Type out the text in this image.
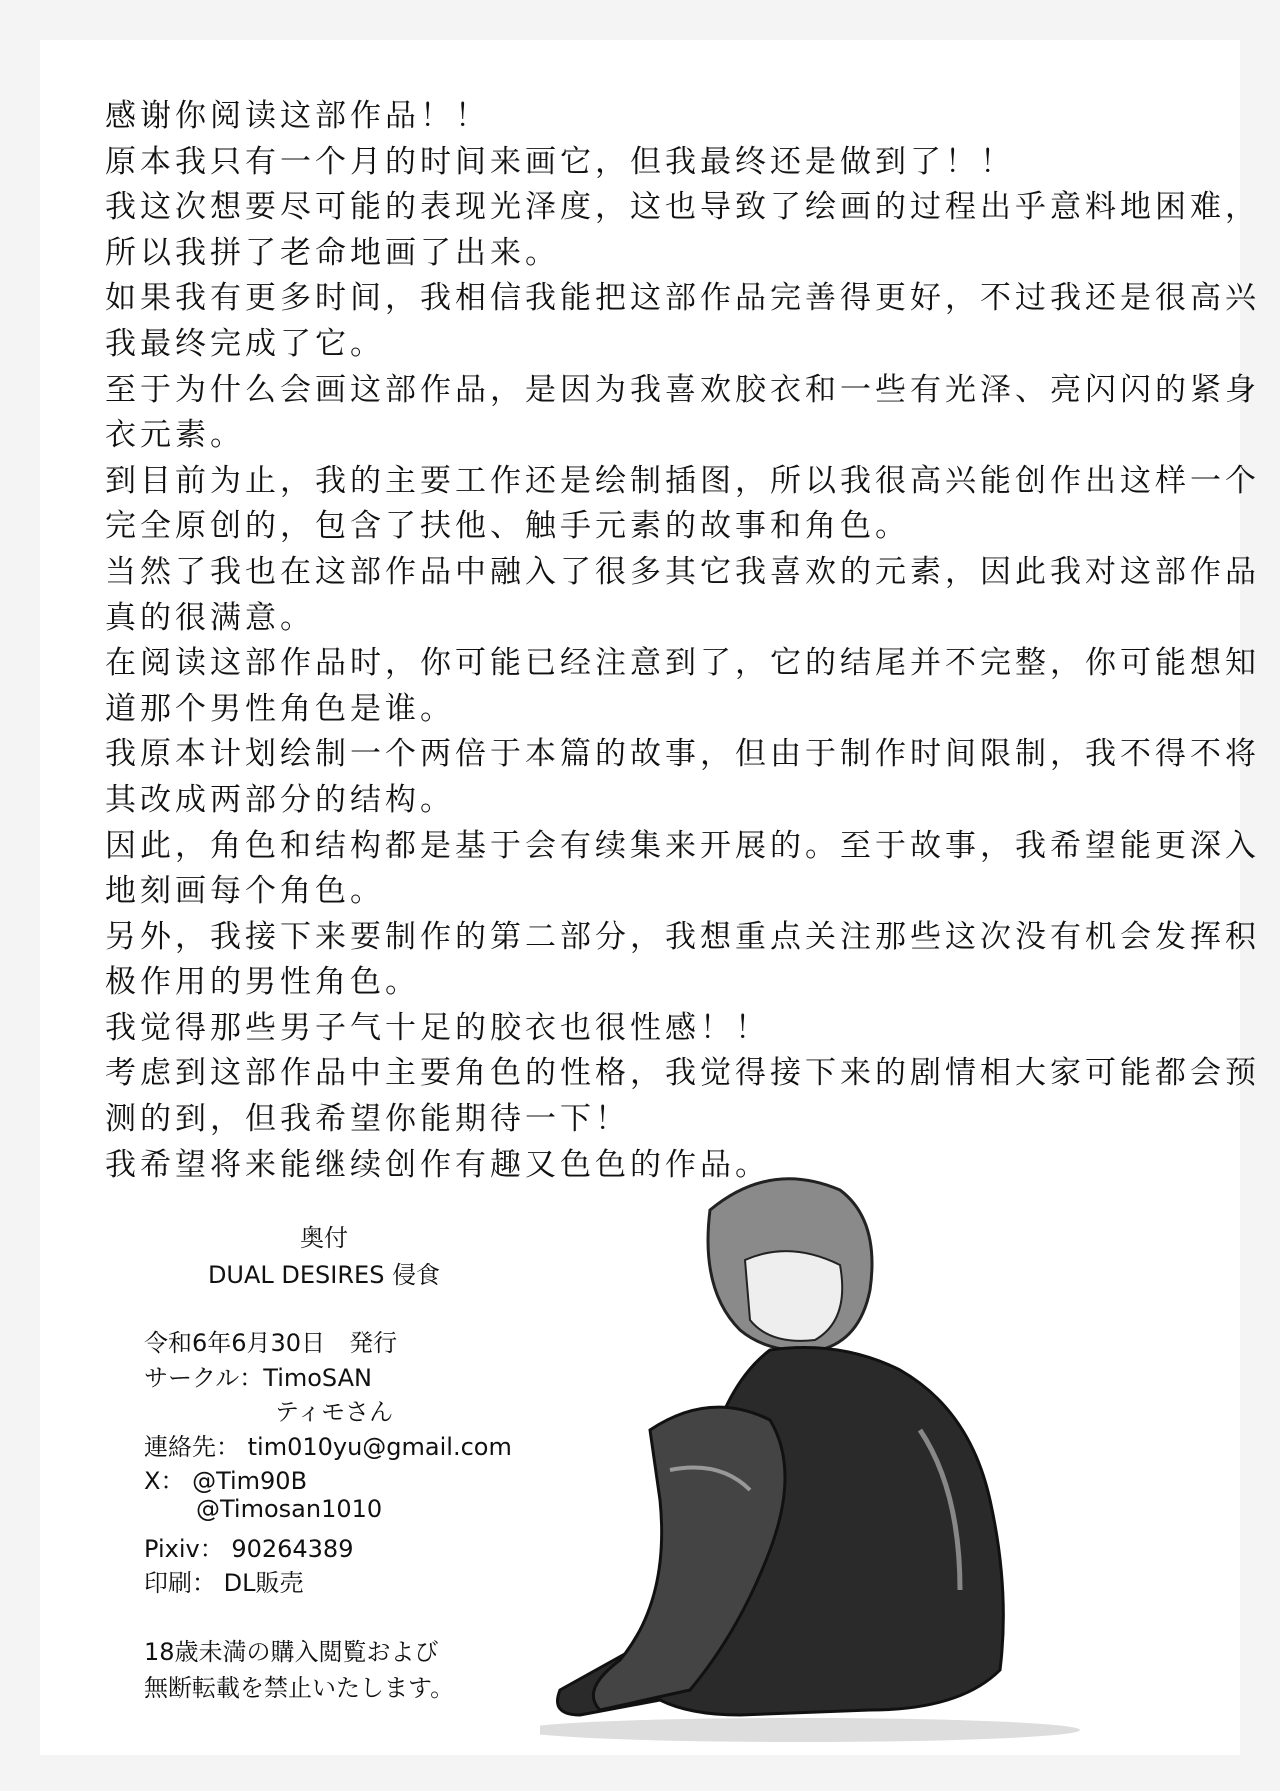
感谢你阅读这部作品！！
原本我只有一个月的时间来画它，但我最终还是做到了！！
我这次想要尽可能的表现光泽度，这也导致了绘画的过程出乎意料地困难，
所以我拼了老命地画了出来。
如果我有更多时间，我相信我能把这部作品完善得更好，不过我还是很高兴
我最终完成了它。
至于为什么会画这部作品，是因为我喜欢胶衣和一些有光泽、亮闪闪的紧身
衣元素。
到目前为止，我的主要工作还是绘制插图，所以我很高兴能创作出这样一个
完全原创的，包含了扶他、触手元素的故事和角色。
当然了我也在这部作品中融入了很多其它我喜欢的元素，因此我对这部作品
真的很满意。
在阅读这部作品时，你可能已经注意到了，它的结尾并不完整，你可能想知
道那个男性角色是谁。
我原本计划绘制一个两倍于本篇的故事，但由于制作时间限制，我不得不将
其改成两部分的结构。
因此，角色和结构都是基于会有续集来开展的。至于故事，我希望能更深入
地刻画每个角色。
另外，我接下来要制作的第二部分，我想重点关注那些这次没有机会发挥积
极作用的男性角色。
我觉得那些男子气十足的胶衣也很性感！！
考虑到这部作品中主要角色的性格，我觉得接下来的剧情相大家可能都会预
测的到，但我希望你能期待一下！
我希望将来能继续创作有趣又色色的作品。
奥付
DUAL DESIRES 侵食
令和6年6月30日　発行
サークル：TimoSAN
ティモさん
連絡先： tim010yu@gmail.com
X： @Tim90B
@Timosan1010
Pixiv： 90264389
印刷： DL販売
18歳未満の購入閲覧および
無断転載を禁止いたします。
